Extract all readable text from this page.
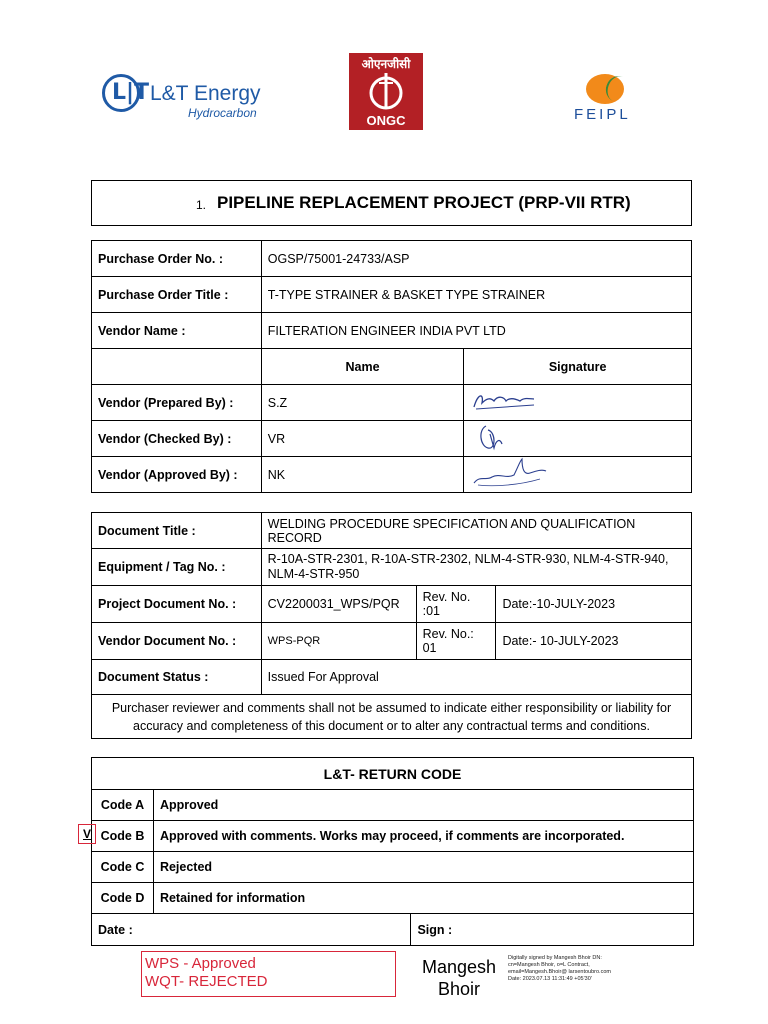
L|T L&T Energy
Hydrocarbon
ओएनजीसी
ONGC	FEIPL
1. PIPELINE REPLACEMENT PROJECT (PRP-VII RTR)
Purchase Order No. :	OGSP/75001-24733/ASP	
Purchase Order Title :	T-TYPE STRAINER & BASKET TYPE STRAINER	
Vendor Name :	FILTERATION ENGINEER INDIA PVT LTD	
	Name	Signature
Vendor (Prepared By) :	S.Z	
Vendor (Checked By) :	VR	
Vendor (Approved By) :	NK	
Document Title :	WELDING PROCEDURE SPECIFICATION AND QUALIFICATION RECORD		
Equipment / Tag No. :	R-10A-STR-2301, R-10A-STR-2302, NLM-4-STR-930, NLM-4-STR-940, NLM-4-STR-950		
Project Document No. :	CV2200031_WPS/PQR	Rev. No. :01	Date:-10-JULY-2023
Vendor Document No. :	WPS-PQR	Rev. No.: 01	Date:- 10-JULY-2023
Document Status :	Issued For Approval		
Purchaser reviewer and comments shall not be assumed to indicate either responsibility or liability for accuracy and completeness of this document or to alter any contractual terms and conditions.			
L&T- RETURN CODE		
Code A	Approved	
Code B	Approved with comments. Works may proceed, if comments are incorporated.	
Code C	Rejected	
Code D	Retained for information	
Date :		Sign :
V
WPS - Approved
WQT- REJECTED
Mangesh
Bhoir
Digitally signed by Mangesh Bhoir DN: cn=Mangesh Bhoir, o=L Contract, email=Mangesh.Bhoir@ larsentoubro.com Date: 2023.07.13 11:31:49 +05'30'
